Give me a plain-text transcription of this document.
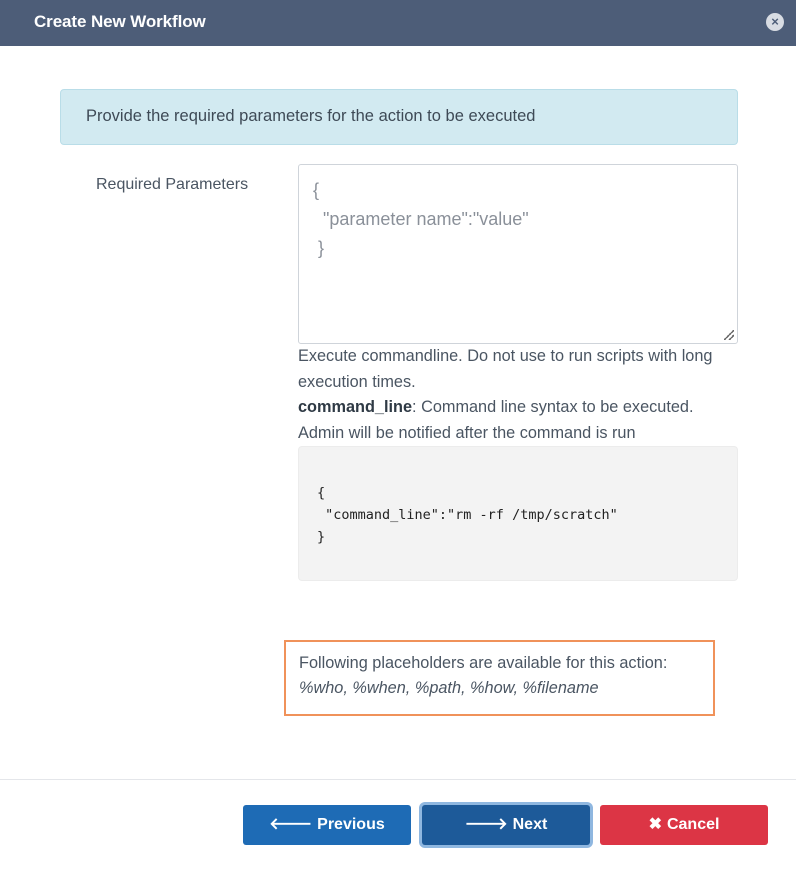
Create New Workflow	×
Provide the required parameters for the action to be executed
Required Parameters
{ "parameter name":"value" }
Execute commandline. Do not use to run scripts with long execution times.
command_line: Command line syntax to be executed. Admin will be notified after the command is run
{
"command_line":"rm -rf /tmp/scratch"
}
Following placeholders are available for this action:
%who, %when, %path, %how, %filename
🡐 Previous	🡒 Next	✖ Cancel
